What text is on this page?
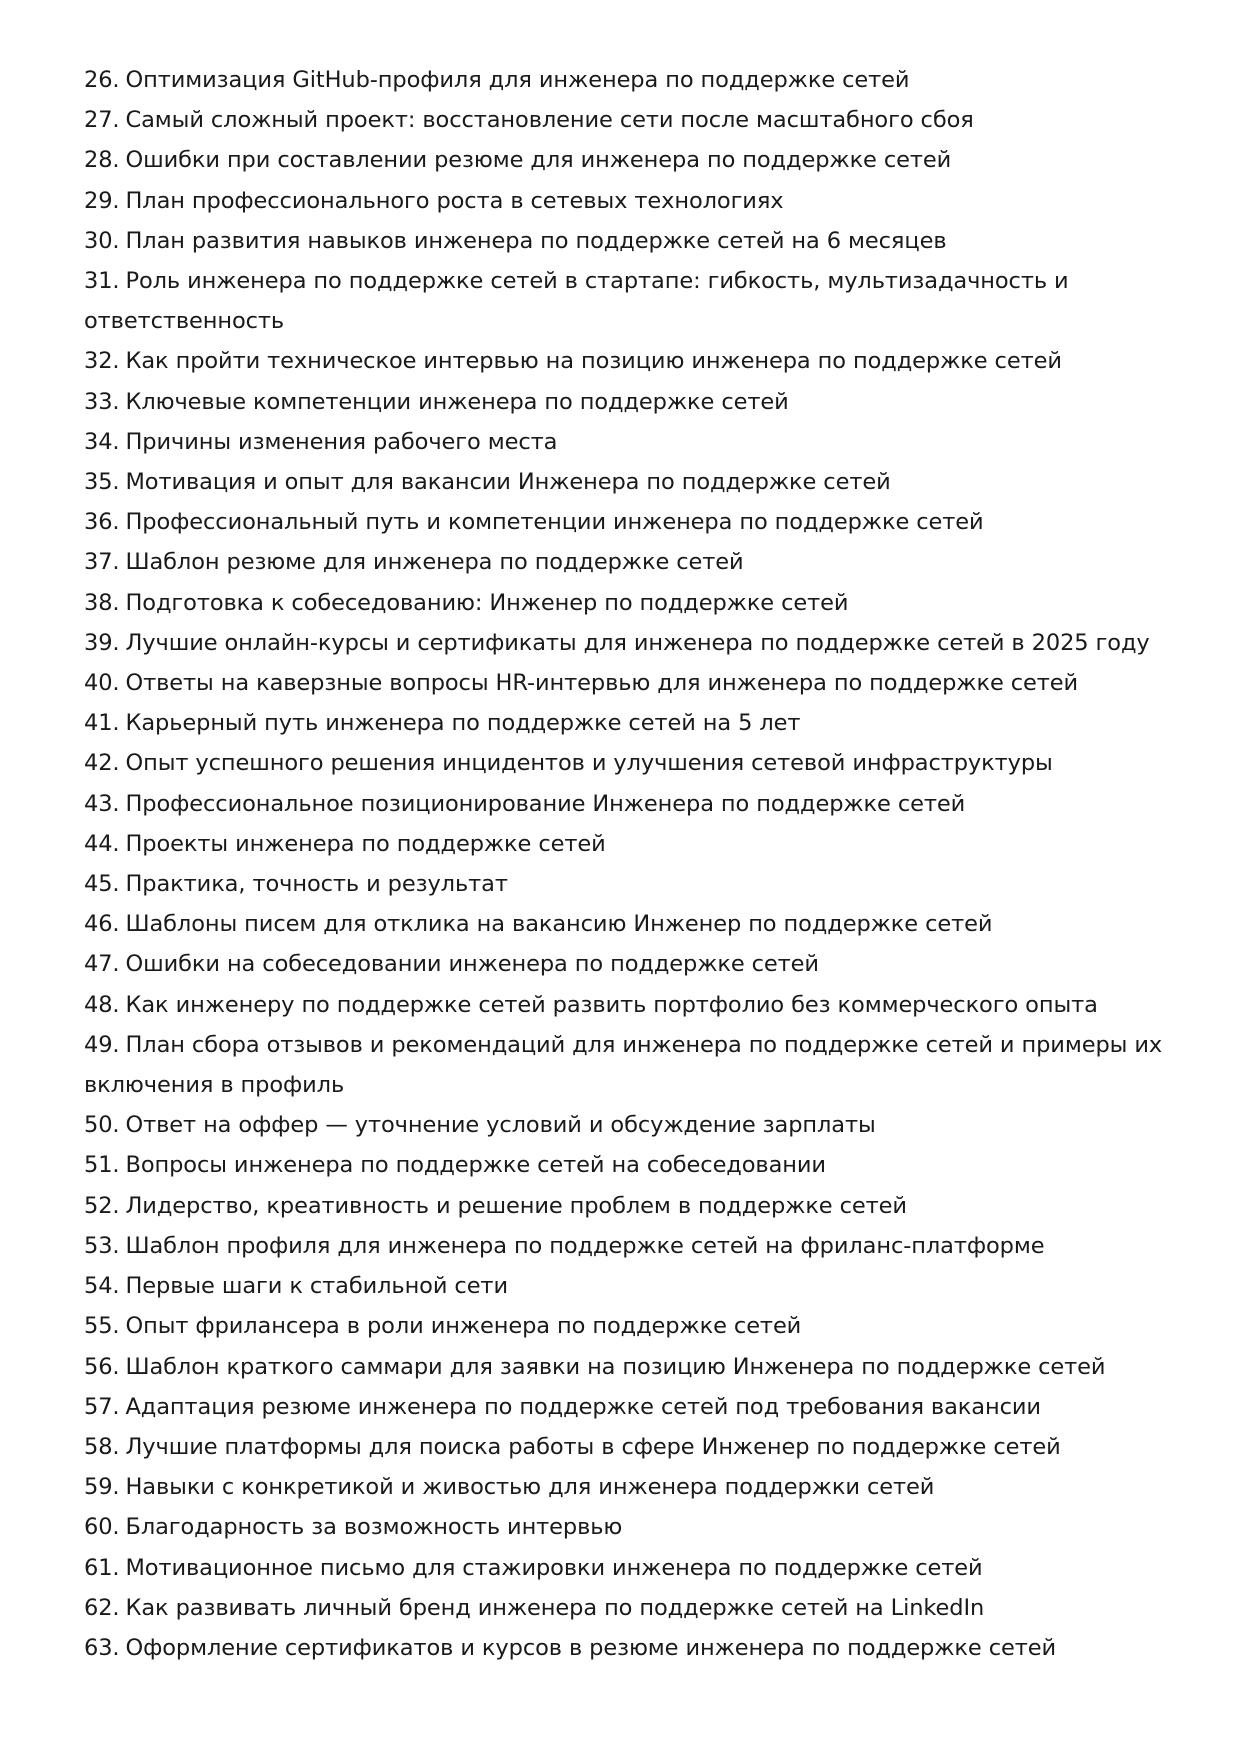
26. Оптимизация GitHub-профиля для инженера по поддержке сетей
27. Самый сложный проект: восстановление сети после масштабного сбоя
28. Ошибки при составлении резюме для инженера по поддержке сетей
29. План профессионального роста в сетевых технологиях
30. План развития навыков инженера по поддержке сетей на 6 месяцев
31. Роль инженера по поддержке сетей в стартапе: гибкость, мультизадачность и ответственность
32. Как пройти техническое интервью на позицию инженера по поддержке сетей
33. Ключевые компетенции инженера по поддержке сетей
34. Причины изменения рабочего места
35. Мотивация и опыт для вакансии Инженера по поддержке сетей
36. Профессиональный путь и компетенции инженера по поддержке сетей
37. Шаблон резюме для инженера по поддержке сетей
38. Подготовка к собеседованию: Инженер по поддержке сетей
39. Лучшие онлайн-курсы и сертификаты для инженера по поддержке сетей в 2025 году
40. Ответы на каверзные вопросы HR-интервью для инженера по поддержке сетей
41. Карьерный путь инженера по поддержке сетей на 5 лет
42. Опыт успешного решения инцидентов и улучшения сетевой инфраструктуры
43. Профессиональное позиционирование Инженера по поддержке сетей
44. Проекты инженера по поддержке сетей
45. Практика, точность и результат
46. Шаблоны писем для отклика на вакансию Инженер по поддержке сетей
47. Ошибки на собеседовании инженера по поддержке сетей
48. Как инженеру по поддержке сетей развить портфолио без коммерческого опыта
49. План сбора отзывов и рекомендаций для инженера по поддержке сетей и примеры их включения в профиль
50. Ответ на оффер — уточнение условий и обсуждение зарплаты
51. Вопросы инженера по поддержке сетей на собеседовании
52. Лидерство, креативность и решение проблем в поддержке сетей
53. Шаблон профиля для инженера по поддержке сетей на фриланс-платформе
54. Первые шаги к стабильной сети
55. Опыт фрилансера в роли инженера по поддержке сетей
56. Шаблон краткого саммари для заявки на позицию Инженера по поддержке сетей
57. Адаптация резюме инженера по поддержке сетей под требования вакансии
58. Лучшие платформы для поиска работы в сфере Инженер по поддержке сетей
59. Навыки с конкретикой и живостью для инженера поддержки сетей
60. Благодарность за возможность интервью
61. Мотивационное письмо для стажировки инженера по поддержке сетей
62. Как развивать личный бренд инженера по поддержке сетей на LinkedIn
63. Оформление сертификатов и курсов в резюме инженера по поддержке сетей
